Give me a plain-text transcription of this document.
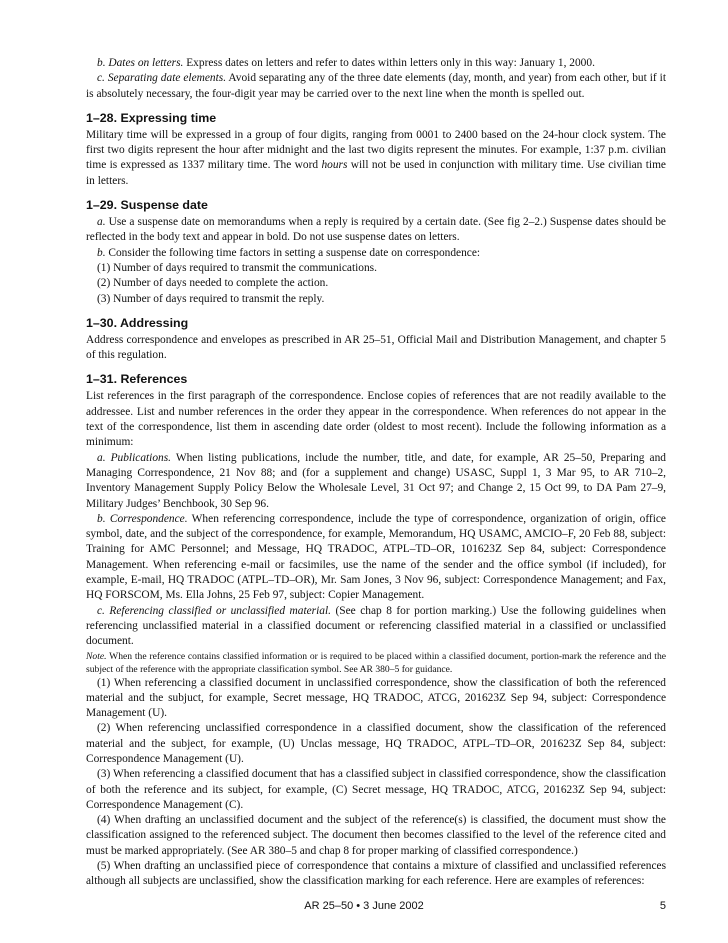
b. Dates on letters. Express dates on letters and refer to dates within letters only in this way: January 1, 2000.

c. Separating date elements. Avoid separating any of the three date elements (day, month, and year) from each other, but if it is absolutely necessary, the four-digit year may be carried over to the next line when the month is spelled out.

1–28. Expressing time

Military time will be expressed in a group of four digits, ranging from 0001 to 2400 based on the 24-hour clock system. The first two digits represent the hour after midnight and the last two digits represent the minutes. For example, 1:37 p.m. civilian time is expressed as 1337 military time. The word hours will not be used in conjunction with military time. Use civilian time in letters.

1–29. Suspense date

a. Use a suspense date on memorandums when a reply is required by a certain date. (See fig 2–2.) Suspense dates should be reflected in the body text and appear in bold. Do not use suspense dates on letters.

b. Consider the following time factors in setting a suspense date on correspondence:

(1) Number of days required to transmit the communications.

(2) Number of days needed to complete the action.

(3) Number of days required to transmit the reply.

1–30. Addressing

Address correspondence and envelopes as prescribed in AR 25–51, Official Mail and Distribution Management, and chapter 5 of this regulation.

1–31. References

List references in the first paragraph of the correspondence. Enclose copies of references that are not readily available to the addressee. List and number references in the order they appear in the correspondence. When references do not appear in the text of the correspondence, list them in ascending date order (oldest to most recent). Include the following information as a minimum:

a. Publications. When listing publications, include the number, title, and date, for example, AR 25–50, Preparing and Managing Correspondence, 21 Nov 88; and (for a supplement and change) USASC, Suppl 1, 3 Mar 95, to AR 710–2, Inventory Management Supply Policy Below the Wholesale Level, 31 Oct 97; and Change 2, 15 Oct 99, to DA Pam 27–9, Military Judges’ Benchbook, 30 Sep 96.

b. Correspondence. When referencing correspondence, include the type of correspondence, organization of origin, office symbol, date, and the subject of the correspondence, for example, Memorandum, HQ USAMC, AMCIO–F, 20 Feb 88, subject: Training for AMC Personnel; and Message, HQ TRADOC, ATPL–TD–OR, 101623Z Sep 84, subject: Correspondence Management. When referencing e-mail or facsimiles, use the name of the sender and the office symbol (if included), for example, E-mail, HQ TRADOC (ATPL–TD–OR), Mr. Sam Jones, 3 Nov 96, subject: Correspondence Management; and Fax, HQ FORSCOM, Ms. Ella Johns, 25 Feb 97, subject: Copier Management.

c. Referencing classified or unclassified material. (See chap 8 for portion marking.) Use the following guidelines when referencing unclassified material in a classified document or referencing classified material in a classified or unclassified document.

Note. When the reference contains classified information or is required to be placed within a classified document, portion-mark the reference and the subject of the reference with the appropriate classification symbol. See AR 380–5 for guidance.

(1) When referencing a classified document in unclassified correspondence, show the classification of both the referenced material and the subjuct, for example, Secret message, HQ TRADOC, ATCG, 201623Z Sep 94, subject: Correspondence Management (U).

(2) When referencing unclassified correspondence in a classified document, show the classification of the referenced material and the subject, for example, (U) Unclas message, HQ TRADOC, ATPL–TD–OR, 201623Z Sep 84, subject: Correspondence Management (U).

(3) When referencing a classified document that has a classified subject in classified correspondence, show the classification of both the reference and its subject, for example, (C) Secret message, HQ TRADOC, ATCG, 201623Z Sep 94, subject: Correspondence Management (C).

(4) When drafting an unclassified document and the subject of the reference(s) is classified, the document must show the classification assigned to the referenced subject. The document then becomes classified to the level of the reference cited and must be marked appropriately. (See AR 380–5 and chap 8 for proper marking of classified correspondence.)

(5) When drafting an unclassified piece of correspondence that contains a mixture of classified and unclassified references although all subjects are unclassified, show the classification marking for each reference. Here are examples of references:

AR 25–50 • 3 June 2002	5
